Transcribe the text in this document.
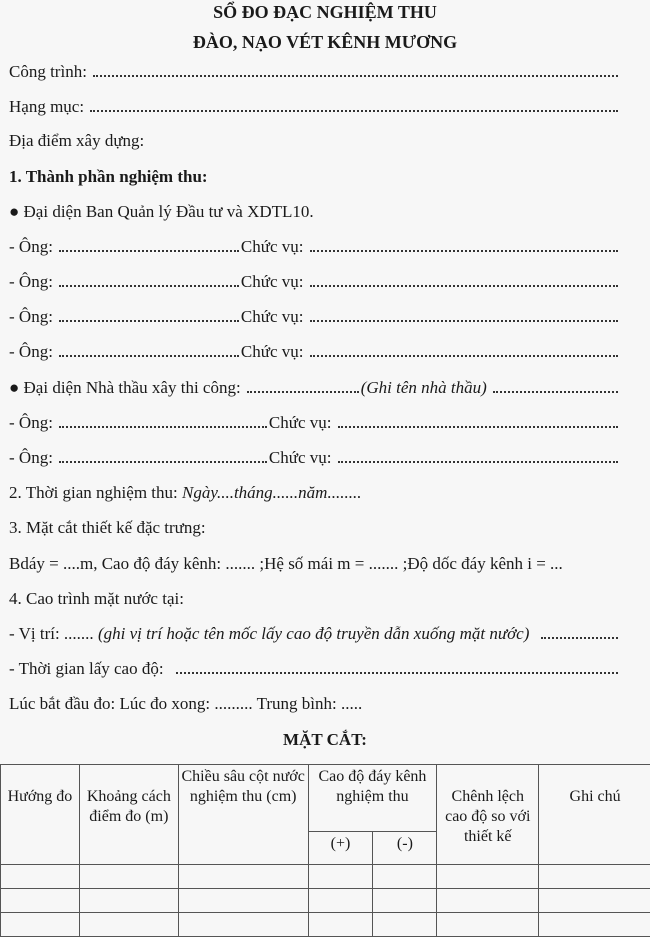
SỔ ĐO ĐẠC NGHIỆM THU
ĐÀO, NẠO VÉT KÊNH MƯƠNG
Công trình:
Hạng mục:
Địa điểm xây dựng:
1. Thành phần nghiệm thu:
● Đại diện Ban Quản lý Đầu tư và XDTL10.
- Ông:	Chức vụ:
- Ông:	Chức vụ:
- Ông:	Chức vụ:
- Ông:	Chức vụ:
● Đại diện Nhà thầu xây thi công:	(Ghi tên nhà thầu)
- Ông:	Chức vụ:
- Ông:	Chức vụ:
2. Thời gian nghiệm thu:
Ngày....tháng......năm........
3. Mặt cắt thiết kế đặc trưng:
Bdáy = ....m, Cao độ đáy kênh: ....... ;Hệ số mái m = ....... ;Độ dốc đáy kênh i = ...
4. Cao trình mặt nước tại:
- Vị trí: .......
(ghi vị trí hoặc tên mốc lấy cao độ truyền dẫn xuống mặt nước)
- Thời gian lấy cao độ:
Lúc bắt đầu đo: Lúc đo xong: ......... Trung bình: .....
MẶT CẮT:
Hướng đo	Khoảng cách điểm đo (m)	Chiều sâu cột nước nghiệm thu (cm)	Cao độ đáy kênh nghiệm thu		Chênh lệch cao độ so với thiết kế	Ghi chú
			(+)	(-)		
